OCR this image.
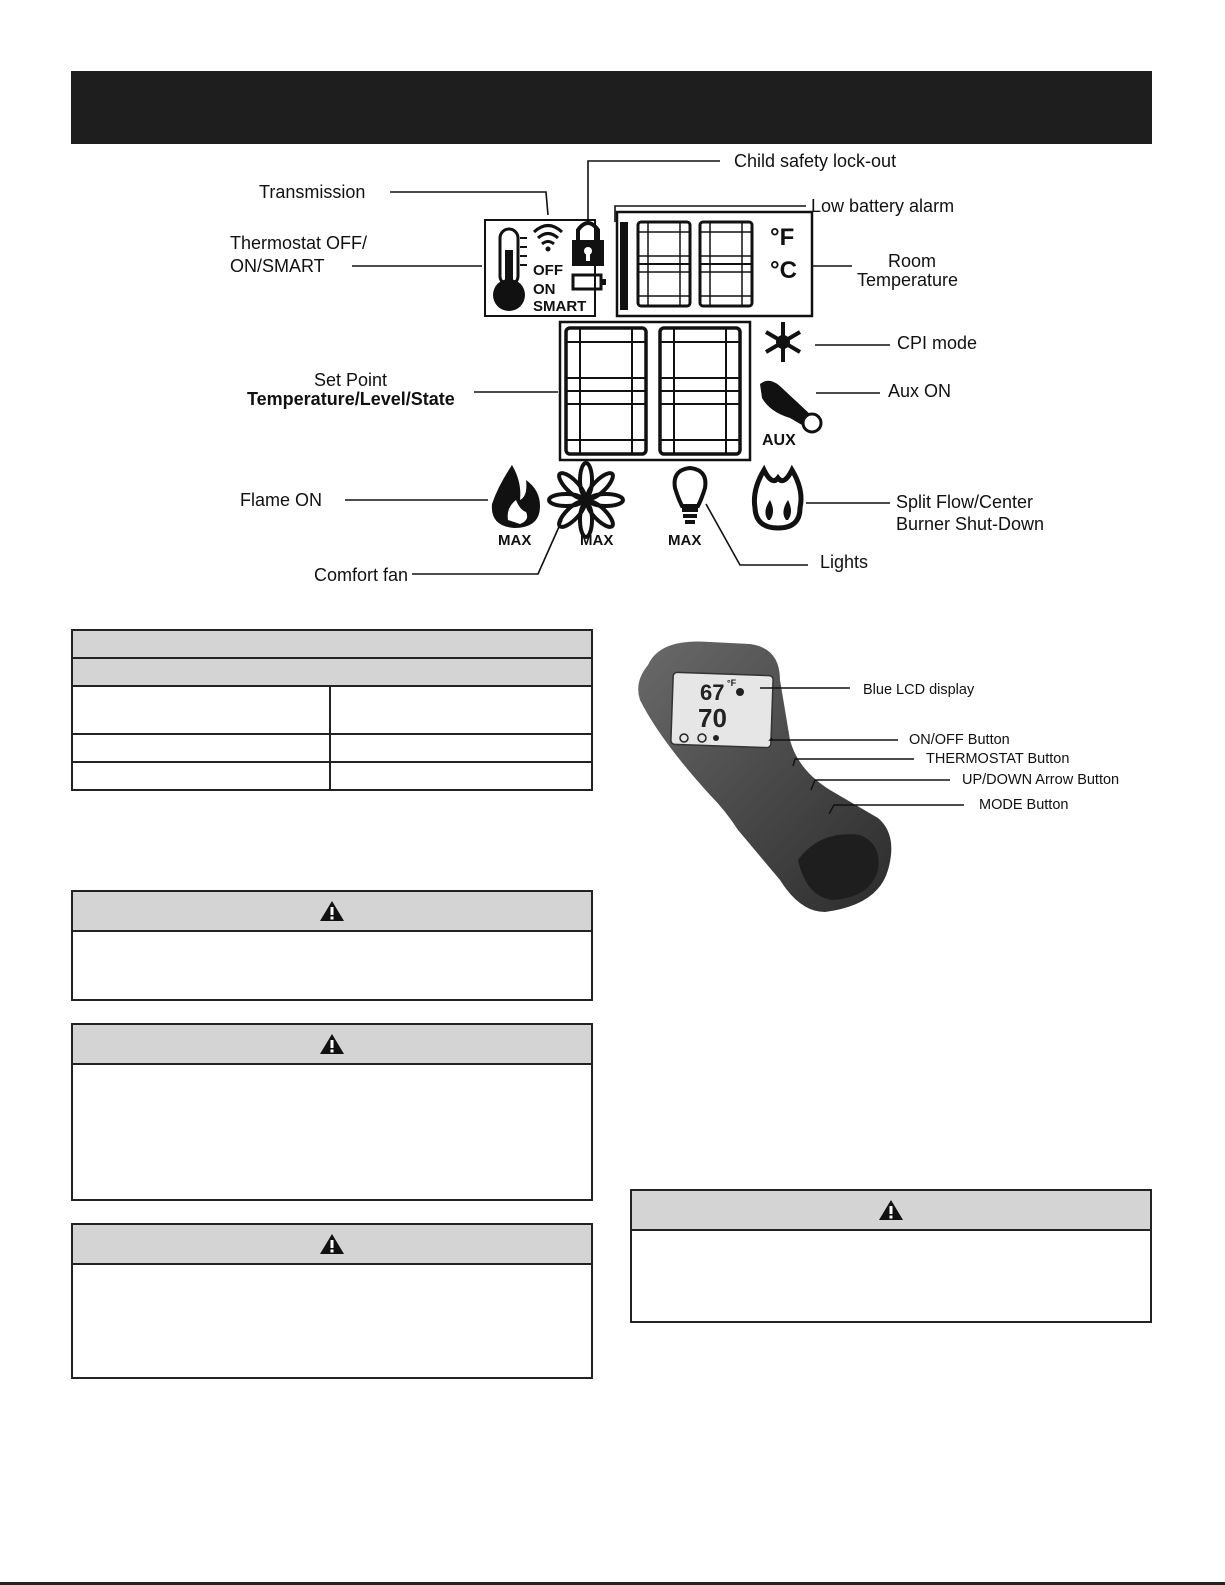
OFF
ON
SMART
°F
°C
AUX
MAX	MAX	MAX
Transmission
Child safety lock-out
Low battery alarm
Thermostat OFF/
ON/SMART	Room
Temperature
Set Point
Temperature/Level/State
CPI mode
Aux ON
Flame ON	Split Flow/Center
Burner Shut-Down
Comfort fan
Lights

67 °F
70
Blue LCD display
ON/OFF Button
THERMOSTAT Button
UP/DOWN Arrow Button
MODE Button
